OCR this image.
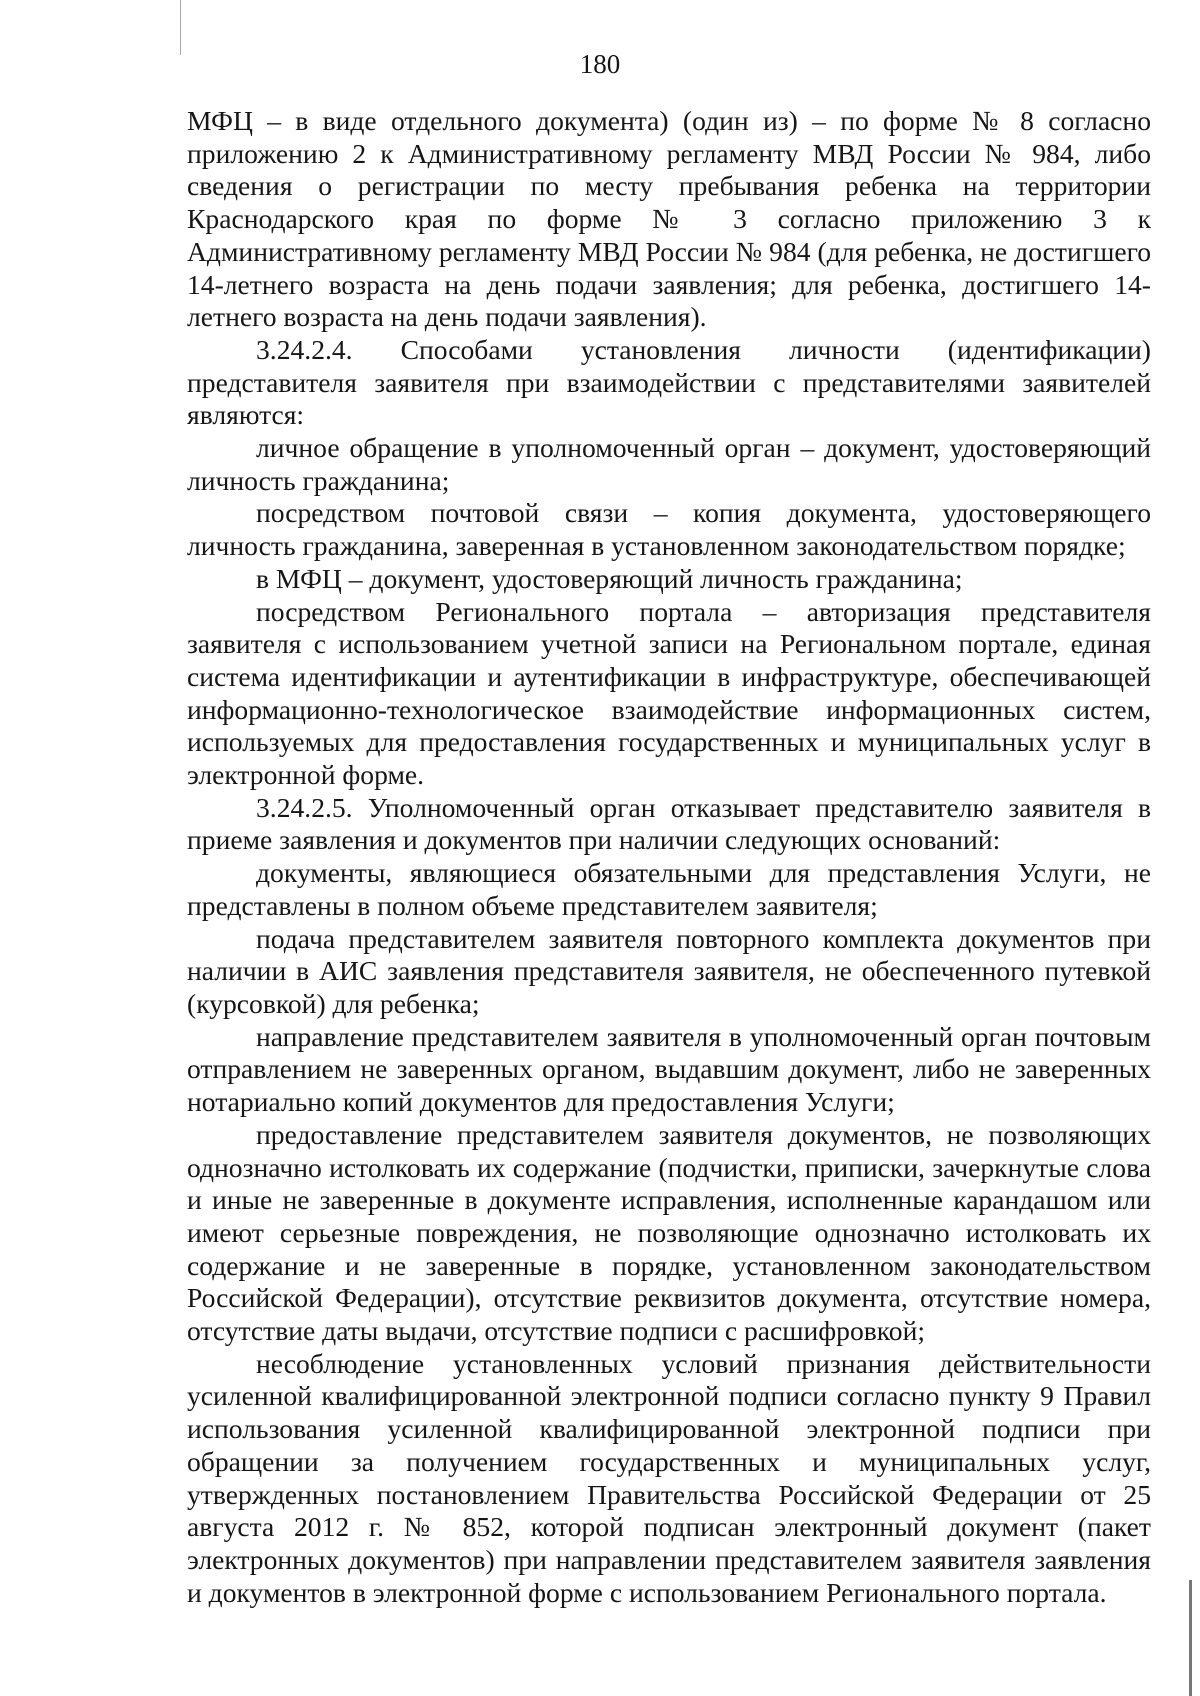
180

МФЦ – в виде отдельного документа) (один из) – по форме № 8 согласно приложению 2 к Административному регламенту МВД России № 984, либо сведения о регистрации по месту пребывания ребенка на территории Краснодарского края по форме № 3 согласно приложению 3 к Административному регламенту МВД России № 984 (для ребенка, не достигшего 14-летнего возраста на день подачи заявления; для ребенка, достигшего 14-летнего возраста на день подачи заявления).

3.24.2.4. Способами установления личности (идентификации) представителя заявителя при взаимодействии с представителями заявителей являются:

личное обращение в уполномоченный орган – документ, удостоверяющий личность гражданина;

посредством почтовой связи – копия документа, удостоверяющего личность гражданина, заверенная в установленном законодательством порядке;

в МФЦ – документ, удостоверяющий личность гражданина;

посредством Регионального портала – авторизация представителя заявителя с использованием учетной записи на Региональном портале, единая система идентификации и аутентификации в инфраструктуре, обеспечивающей информационно-технологическое взаимодействие информационных систем, используемых для предоставления государственных и муниципальных услуг в электронной форме.

3.24.2.5. Уполномоченный орган отказывает представителю заявителя в приеме заявления и документов при наличии следующих оснований:

документы, являющиеся обязательными для представления Услуги, не представлены в полном объеме представителем заявителя;

подача представителем заявителя повторного комплекта документов при наличии в АИС заявления представителя заявителя, не обеспеченного путевкой (курсовкой) для ребенка;

направление представителем заявителя в уполномоченный орган почтовым отправлением не заверенных органом, выдавшим документ, либо не заверенных нотариально копий документов для предоставления Услуги;

предоставление представителем заявителя документов, не позволяющих однозначно истолковать их содержание (подчистки, приписки, зачеркнутые слова и иные не заверенные в документе исправления, исполненные карандашом или имеют серьезные повреждения, не позволяющие однозначно истолковать их содержание и не заверенные в порядке, установленном законодательством Российской Федерации), отсутствие реквизитов документа, отсутствие номера, отсутствие даты выдачи, отсутствие подписи с расшифровкой;

несоблюдение установленных условий признания действительности усиленной квалифицированной электронной подписи согласно пункту 9 Правил использования усиленной квалифицированной электронной подписи при обращении за получением государственных и муниципальных услуг, утвержденных постановлением Правительства Российской Федерации от 25 августа 2012 г. № 852, которой подписан электронный документ (пакет электронных документов) при направлении представителем заявителя заявления и документов в электронной форме с использованием Регионального портала.
